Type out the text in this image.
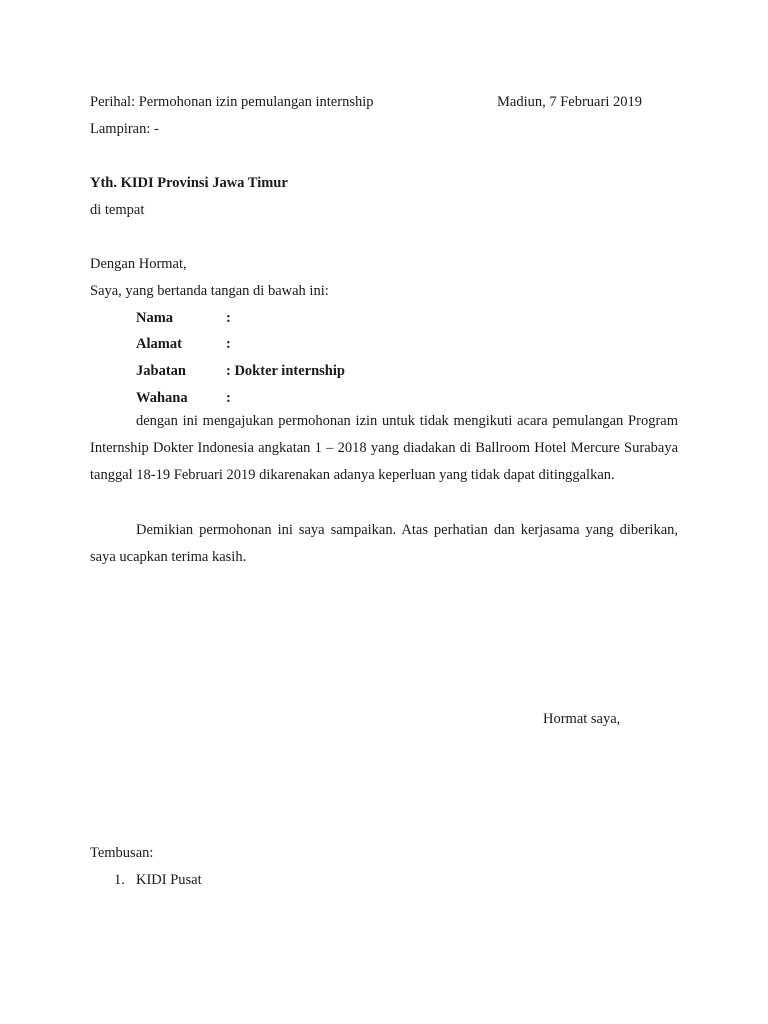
Perihal: Permohonan izin pemulangan internship	Madiun, 7 Februari 2019
Lampiran: -
Yth. KIDI Provinsi Jawa Timur
di tempat
Dengan Hormat,
Saya, yang bertanda tangan di bawah ini:
Nama	:
Alamat	:
Jabatan	: Dokter internship
Wahana	:
dengan ini mengajukan permohonan izin untuk tidak mengikuti acara pemulangan Program Internship Dokter Indonesia angkatan 1 – 2018 yang diadakan di Ballroom Hotel Mercure Surabaya tanggal 18-19 Februari 2019 dikarenakan adanya keperluan yang tidak dapat ditinggalkan.
Demikian permohonan ini saya sampaikan. Atas perhatian dan kerjasama yang diberikan, saya ucapkan terima kasih.
Hormat saya,
Tembusan:
1. KIDI Pusat
